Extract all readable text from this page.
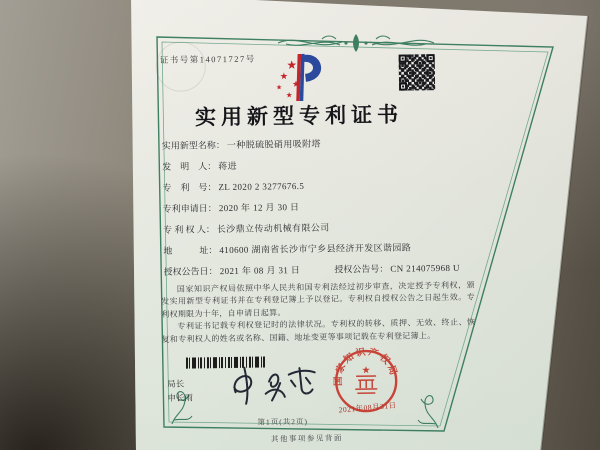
证书号第14071727号
实用新型专利证书
实用新型名称： 一种脱硫脱硝用吸附塔
发　明　人： 蒋进
专　利　号： ZL 2020 2 3277676.5
专利申请日： 2020 年 12 月 30 日
专 利 权 人： 长沙鼎立传动机械有限公司
地　　　址： 410600 湖南省长沙市宁乡县经济开发区谐园路
授权公告日： 2021 年 08 月 31 日	授权公告号： CN 214075968 U

国家知识产权局依照中华人民共和国专利法经过初步审查，决定授予专利权，颁发实用新型专利证书并在专利登记簿上予以登记。专利权自授权公告之日起生效。专利权期限为十年，自申请日起算。

专利证书记载专利权登记时的法律状况。专利权的转移、质押、无效、终止、恢复和专利权人的姓名或名称、国籍、地址变更等事项记载在专利登记簿上。

局长
申长雨
国家知识产权局
2021年08月31日
第1页(共2页)
其他事项参见背面
